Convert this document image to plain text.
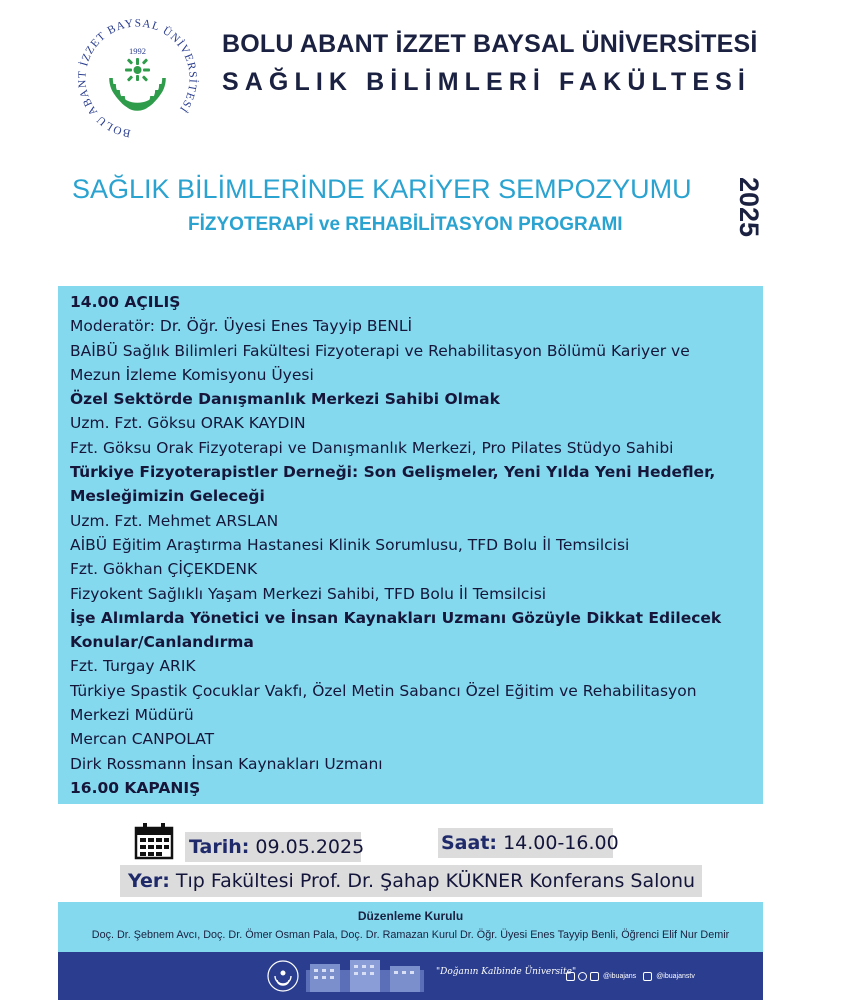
BOLU ABANT İZZET BAYSAL ÜNİVERSİTESİ
1992	BOLU ABANT İZZET BAYSAL ÜNİVERSİTESİ
SAĞLIK BİLİMLERİ FAKÜLTESİ
SAĞLIK BİLİMLERİNDE KARİYER SEMPOZYUMU
FİZYOTERAPİ ve REHABİLİTASYON PROGRAMI	2025
14.00 AÇILIŞ
Moderatör: Dr. Öğr. Üyesi Enes Tayyip BENLİ
BAİBÜ Sağlık Bilimleri Fakültesi Fizyoterapi ve Rehabilitasyon Bölümü Kariyer ve
Mezun İzleme Komisyonu Üyesi
Özel Sektörde Danışmanlık Merkezi Sahibi Olmak
Uzm. Fzt. Göksu ORAK KAYDIN
Fzt. Göksu Orak Fizyoterapi ve Danışmanlık Merkezi, Pro Pilates Stüdyo Sahibi
Türkiye Fizyoterapistler Derneği: Son Gelişmeler, Yeni Yılda Yeni Hedefler,
Mesleğimizin Geleceği
Uzm. Fzt. Mehmet ARSLAN
AİBÜ Eğitim Araştırma Hastanesi Klinik Sorumlusu, TFD Bolu İl Temsilcisi
Fzt. Gökhan ÇİÇEKDENK
Fizyokent Sağlıklı Yaşam Merkezi Sahibi, TFD Bolu İl Temsilcisi
İşe Alımlarda Yönetici ve İnsan Kaynakları Uzmanı Gözüyle Dikkat Edilecek
Konular/Canlandırma
Fzt. Turgay ARIK
Türkiye Spastik Çocuklar Vakfı, Özel Metin Sabancı Özel Eğitim ve Rehabilitasyon
Merkezi Müdürü
Mercan CANPOLAT
Dirk Rossmann İnsan Kaynakları Uzmanı
16.00 KAPANIŞ
Tarih: 09.05.2025	Saat: 14.00-16.00
Yer: Tıp Fakültesi Prof. Dr. Şahap KÜKNER Konferans Salonu
Düzenleme Kurulu
Doç. Dr. Şebnem Avcı, Doç. Dr. Ömer Osman Pala, Doç. Dr. Ramazan Kurul Dr. Öğr. Üyesi Enes Tayyip Benli, Öğrenci Elif Nur Demir
"Doğanın Kalbinde Üniversite"	@ibuajans	@ibuajanstv
